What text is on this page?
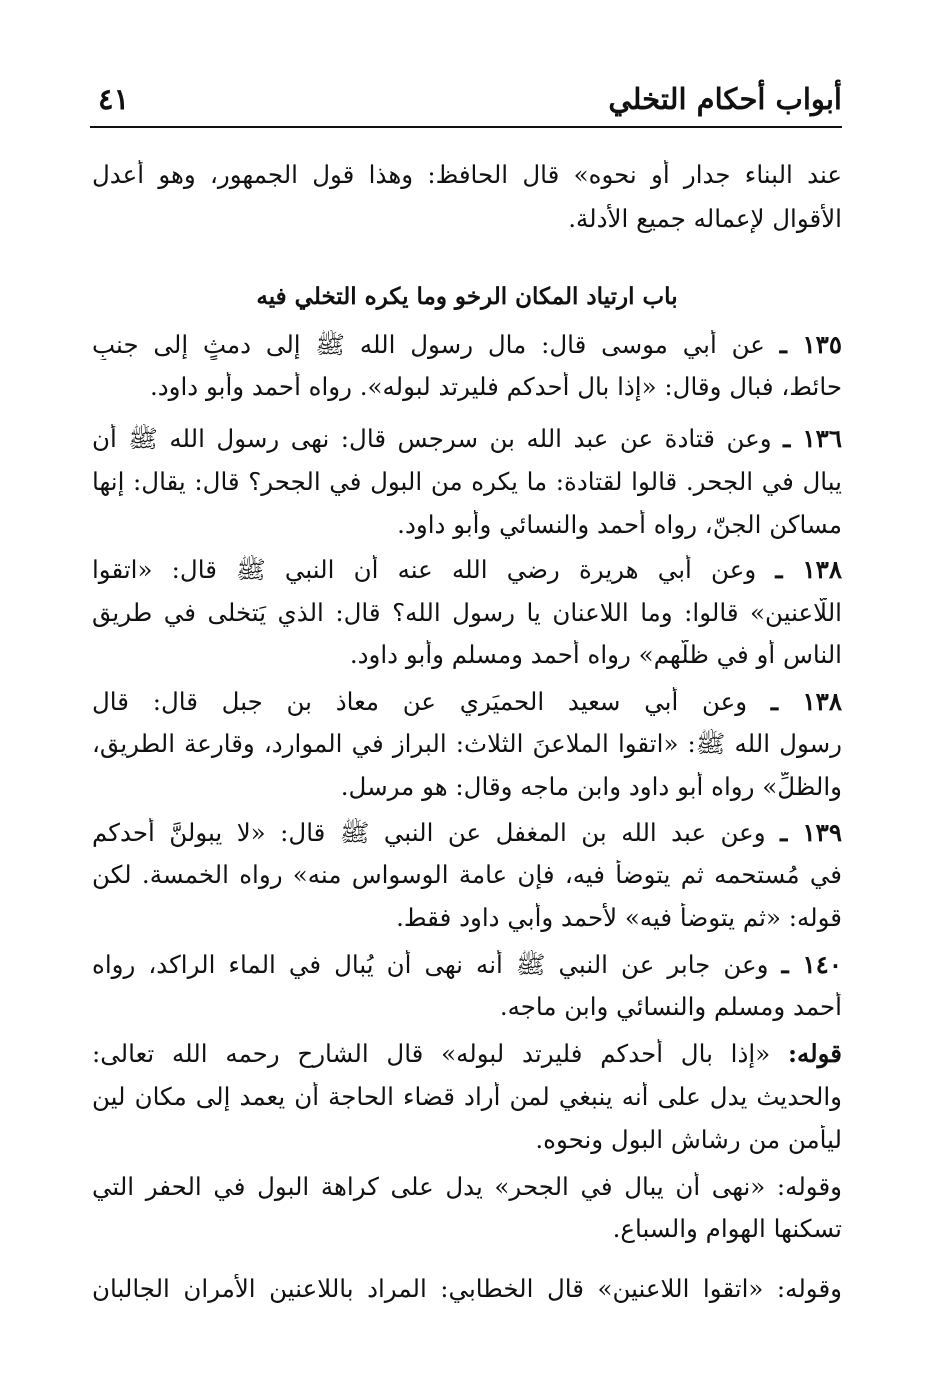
أبواب أحكام التخلي
٤١
عند البناء جدار أو نحوه» قال الحافظ: وهذا قول الجمهور، وهو أعدل
الأقوال لإعماله جميع الأدلة.
باب ارتياد المكان الرخو وما يكره التخلي فيه
١٣٥ ـ عن أبي موسى قال: مال رسول الله ﷺ إلى دمثٍ إلى جنبِ
حائط، فبال وقال: «إذا بال أحدكم فليرتد لبوله». رواه أحمد وأبو داود.
١٣٦ ـ وعن قتادة عن عبد الله بن سرجس قال: نهى رسول الله ﷺ أن
يبال في الجحر. قالوا لقتادة: ما يكره من البول في الجحر؟ قال: يقال: إنها
مساكن الجنّ، رواه أحمد والنسائي وأبو داود.
١٣٨ ـ وعن أبي هريرة رضي الله عنه أن النبي ﷺ قال: «اتقوا
اللّاعنين» قالوا: وما اللاعنان يا رسول الله؟ قال: الذي يَتخلى في طريق
الناسِ أو في ظلّهم» رواه أحمد ومسلم وأبو داود.
١٣٨ ـ وعن أبي سعيد الحميَري عن معاذ بن جبل قال: قال
رسول الله ﷺ: «اتقوا الملاعنَ الثلاث: البراز في الموارد، وقارعة الطريق،
والظلِّ» رواه أبو داود وابن ماجه وقال: هو مرسل.
١٣٩ ـ وعن عبد الله بن المغفل عن النبي ﷺ قال: «لا يبولنَّ أحدكم
في مُستحمه ثم يتوضأ فيه، فإن عامة الوسواس منه» رواه الخمسة. لكن
قوله: «ثم يتوضأ فيه» لأحمد وأبي داود فقط.
١٤٠ ـ وعن جابر عن النبي ﷺ أنه نهى أن يُبال في الماء الراكد، رواه
أحمد ومسلم والنسائي وابن ماجه.
قوله: «إذا بال أحدكم فليرتد لبوله» قال الشارح رحمه الله تعالى:
والحديث يدل على أنه ينبغي لمن أراد قضاء الحاجة أن يعمد إلى مكان لين
ليأمن من رشاش البول ونحوه.
وقوله: «نهى أن يبال في الجحر» يدل على كراهة البول في الحفر التي
تسكنها الهوام والسباع.
وقوله: «اتقوا اللاعنين» قال الخطابي: المراد باللاعنين الأمران الجالبان
